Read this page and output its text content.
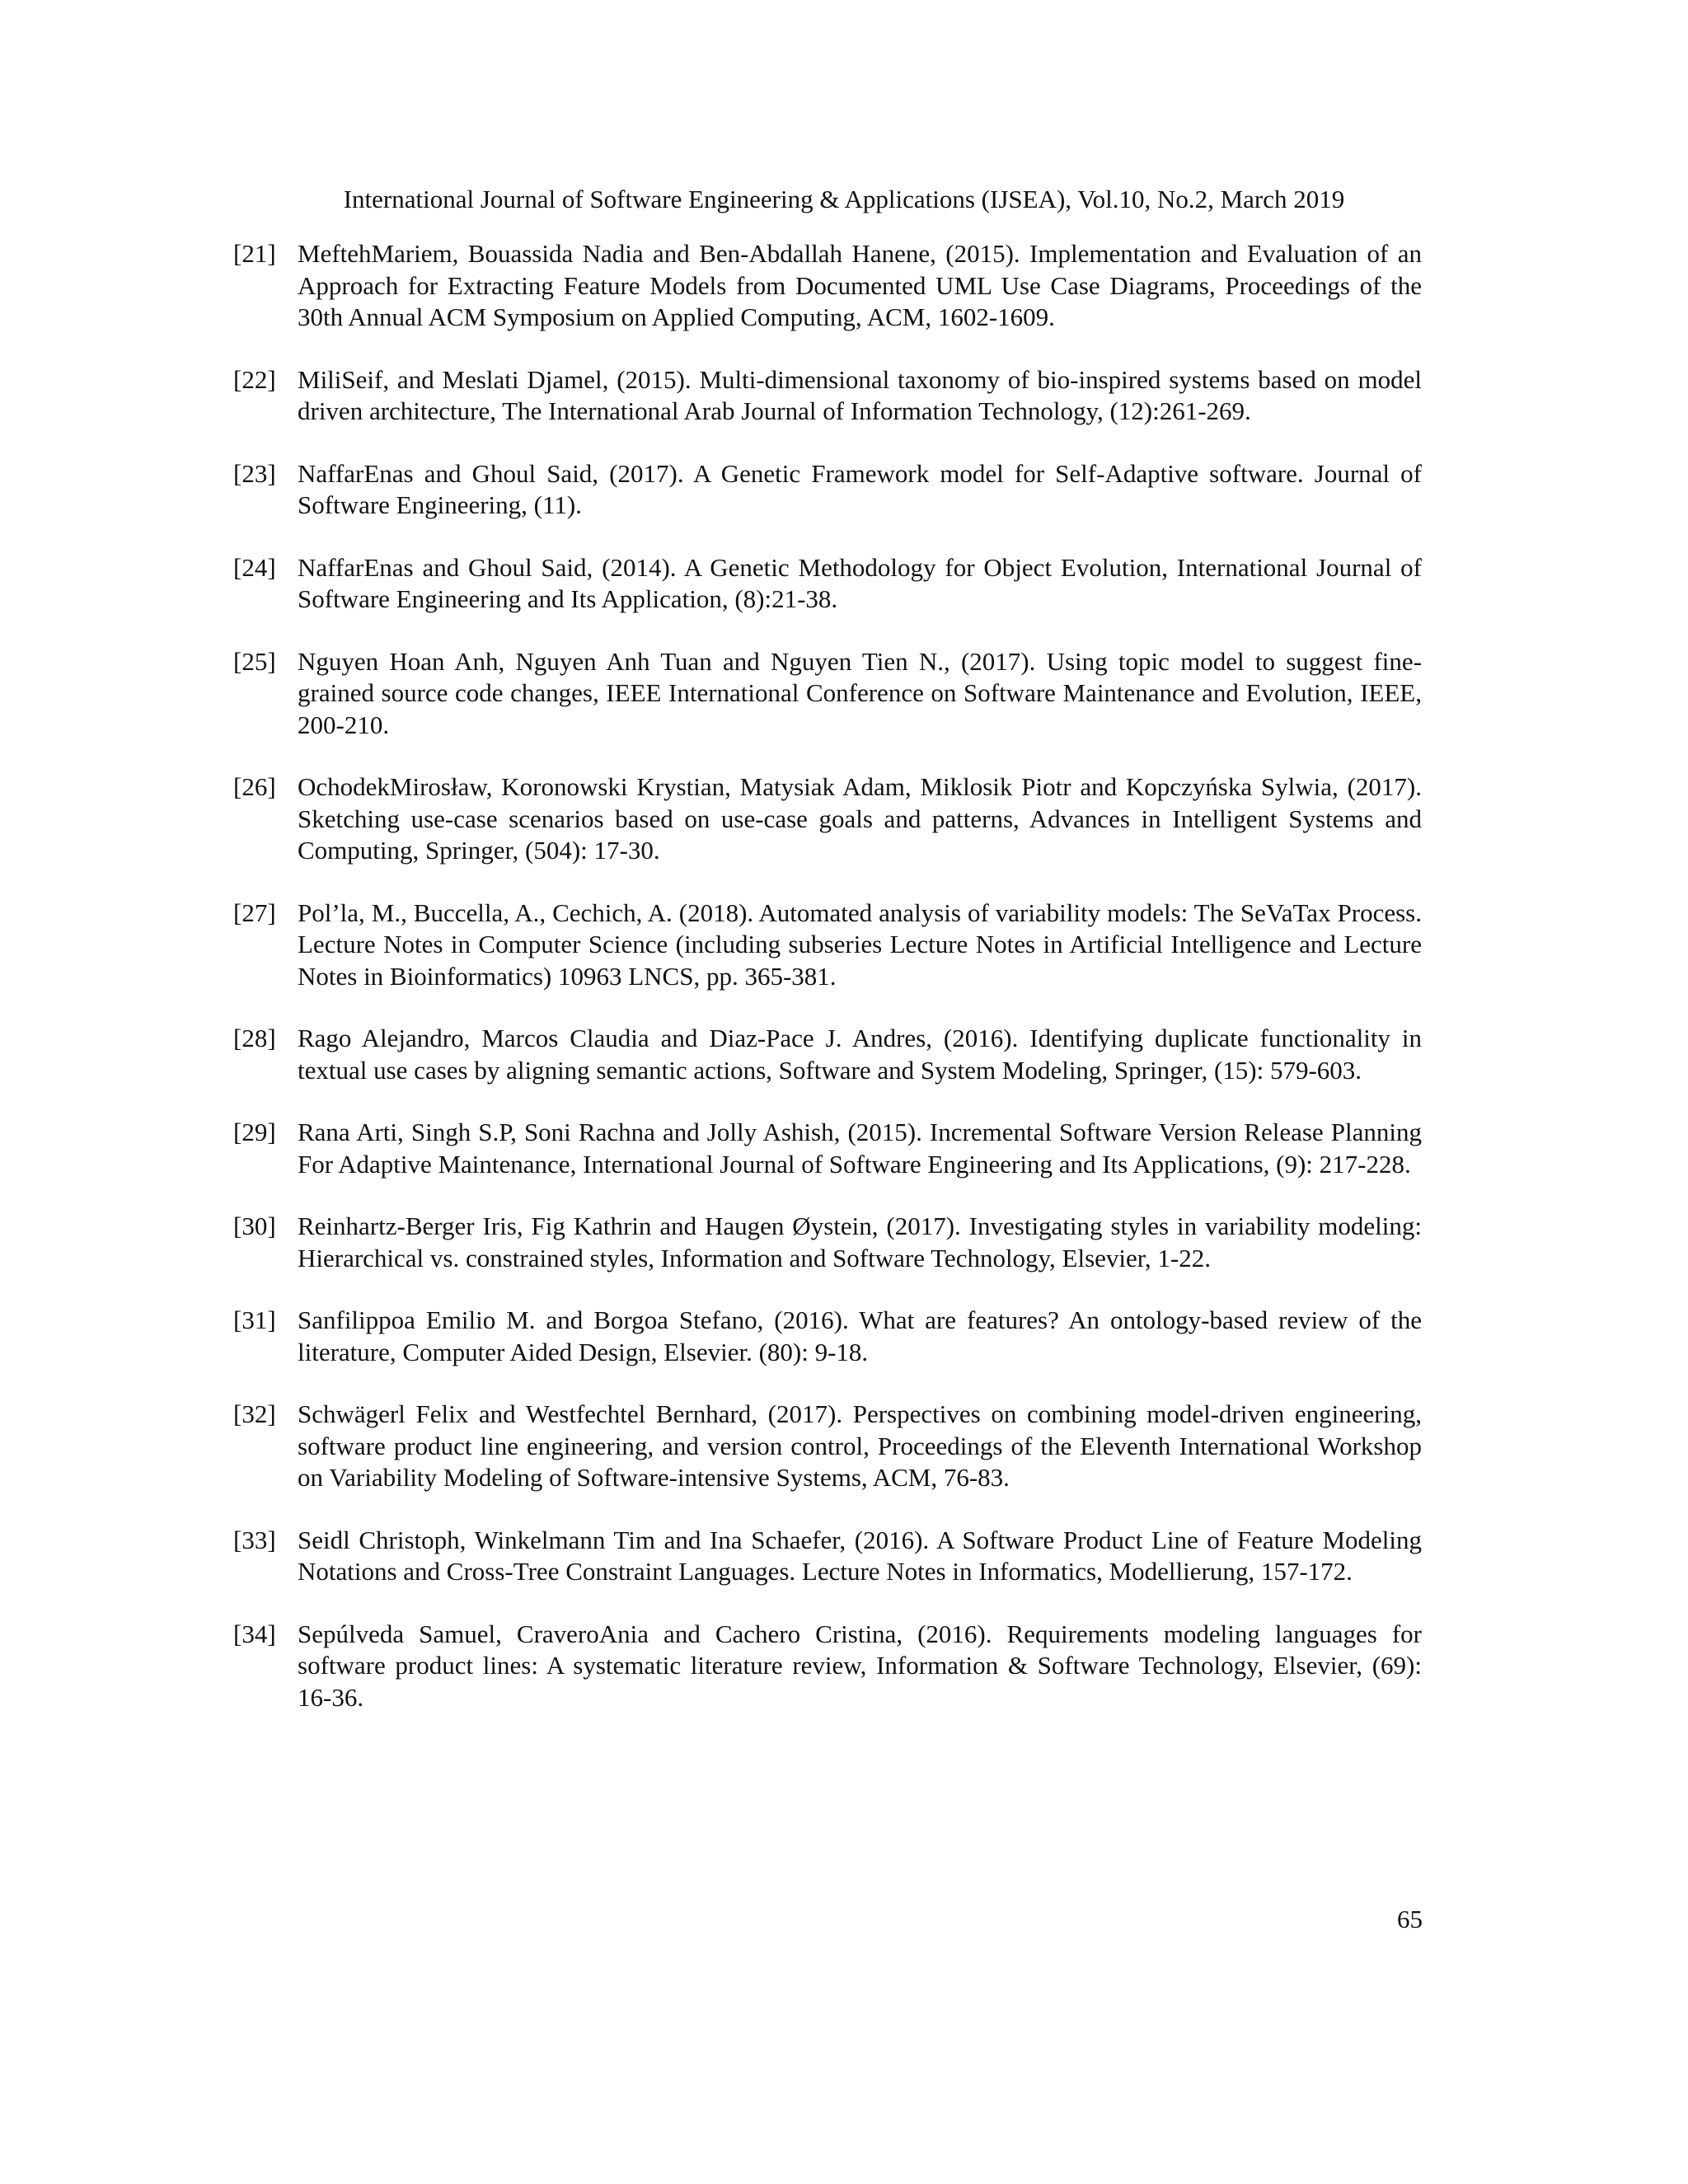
International Journal of Software Engineering & Applications (IJSEA), Vol.10, No.2, March 2019
[21] MeftehMariem, Bouassida Nadia and Ben-Abdallah Hanene, (2015). Implementation and Evaluation of an Approach for Extracting Feature Models from Documented UML Use Case Diagrams, Proceedings of the 30th Annual ACM Symposium on Applied Computing, ACM, 1602-1609.
[22] MiliSeif, and Meslati Djamel, (2015). Multi-dimensional taxonomy of bio-inspired systems based on model driven architecture, The International Arab Journal of Information Technology, (12):261-269.
[23] NaffarEnas and Ghoul Said, (2017). A Genetic Framework model for Self-Adaptive software. Journal of Software Engineering, (11).
[24] NaffarEnas and Ghoul Said, (2014). A Genetic Methodology for Object Evolution, International Journal of Software Engineering and Its Application, (8):21-38.
[25] Nguyen Hoan Anh, Nguyen Anh Tuan and Nguyen Tien N., (2017). Using topic model to suggest fine-grained source code changes, IEEE International Conference on Software Maintenance and Evolution, IEEE, 200-210.
[26] OchodekMirosław, Koronowski Krystian, Matysiak Adam, Miklosik Piotr and Kopczyńska Sylwia, (2017). Sketching use-case scenarios based on use-case goals and patterns, Advances in Intelligent Systems and Computing, Springer, (504): 17-30.
[27] Pol’la, M., Buccella, A., Cechich, A. (2018). Automated analysis of variability models: The SeVaTax Process. Lecture Notes in Computer Science (including subseries Lecture Notes in Artificial Intelligence and Lecture Notes in Bioinformatics) 10963 LNCS, pp. 365-381.
[28] Rago Alejandro, Marcos Claudia and Diaz-Pace J. Andres, (2016). Identifying duplicate functionality in textual use cases by aligning semantic actions, Software and System Modeling, Springer, (15): 579-603.
[29] Rana Arti, Singh S.P, Soni Rachna and Jolly Ashish, (2015). Incremental Software Version Release Planning For Adaptive Maintenance, International Journal of Software Engineering and Its Applications, (9): 217-228.
[30] Reinhartz-Berger Iris, Fig Kathrin and Haugen Øystein, (2017). Investigating styles in variability modeling: Hierarchical vs. constrained styles, Information and Software Technology, Elsevier, 1-22.
[31] Sanfilippoa Emilio M. and Borgoa Stefano, (2016). What are features? An ontology-based review of the literature, Computer Aided Design, Elsevier. (80): 9-18.
[32] Schwägerl Felix and Westfechtel Bernhard, (2017). Perspectives on combining model-driven engineering, software product line engineering, and version control, Proceedings of the Eleventh International Workshop on Variability Modeling of Software-intensive Systems, ACM, 76-83.
[33] Seidl Christoph, Winkelmann Tim and Ina Schaefer, (2016). A Software Product Line of Feature Modeling Notations and Cross-Tree Constraint Languages. Lecture Notes in Informatics, Modellierung, 157-172.
[34] Sepúlveda Samuel, CraveroAnia and Cachero Cristina, (2016). Requirements modeling languages for software product lines: A systematic literature review, Information & Software Technology, Elsevier, (69): 16-36.
65
